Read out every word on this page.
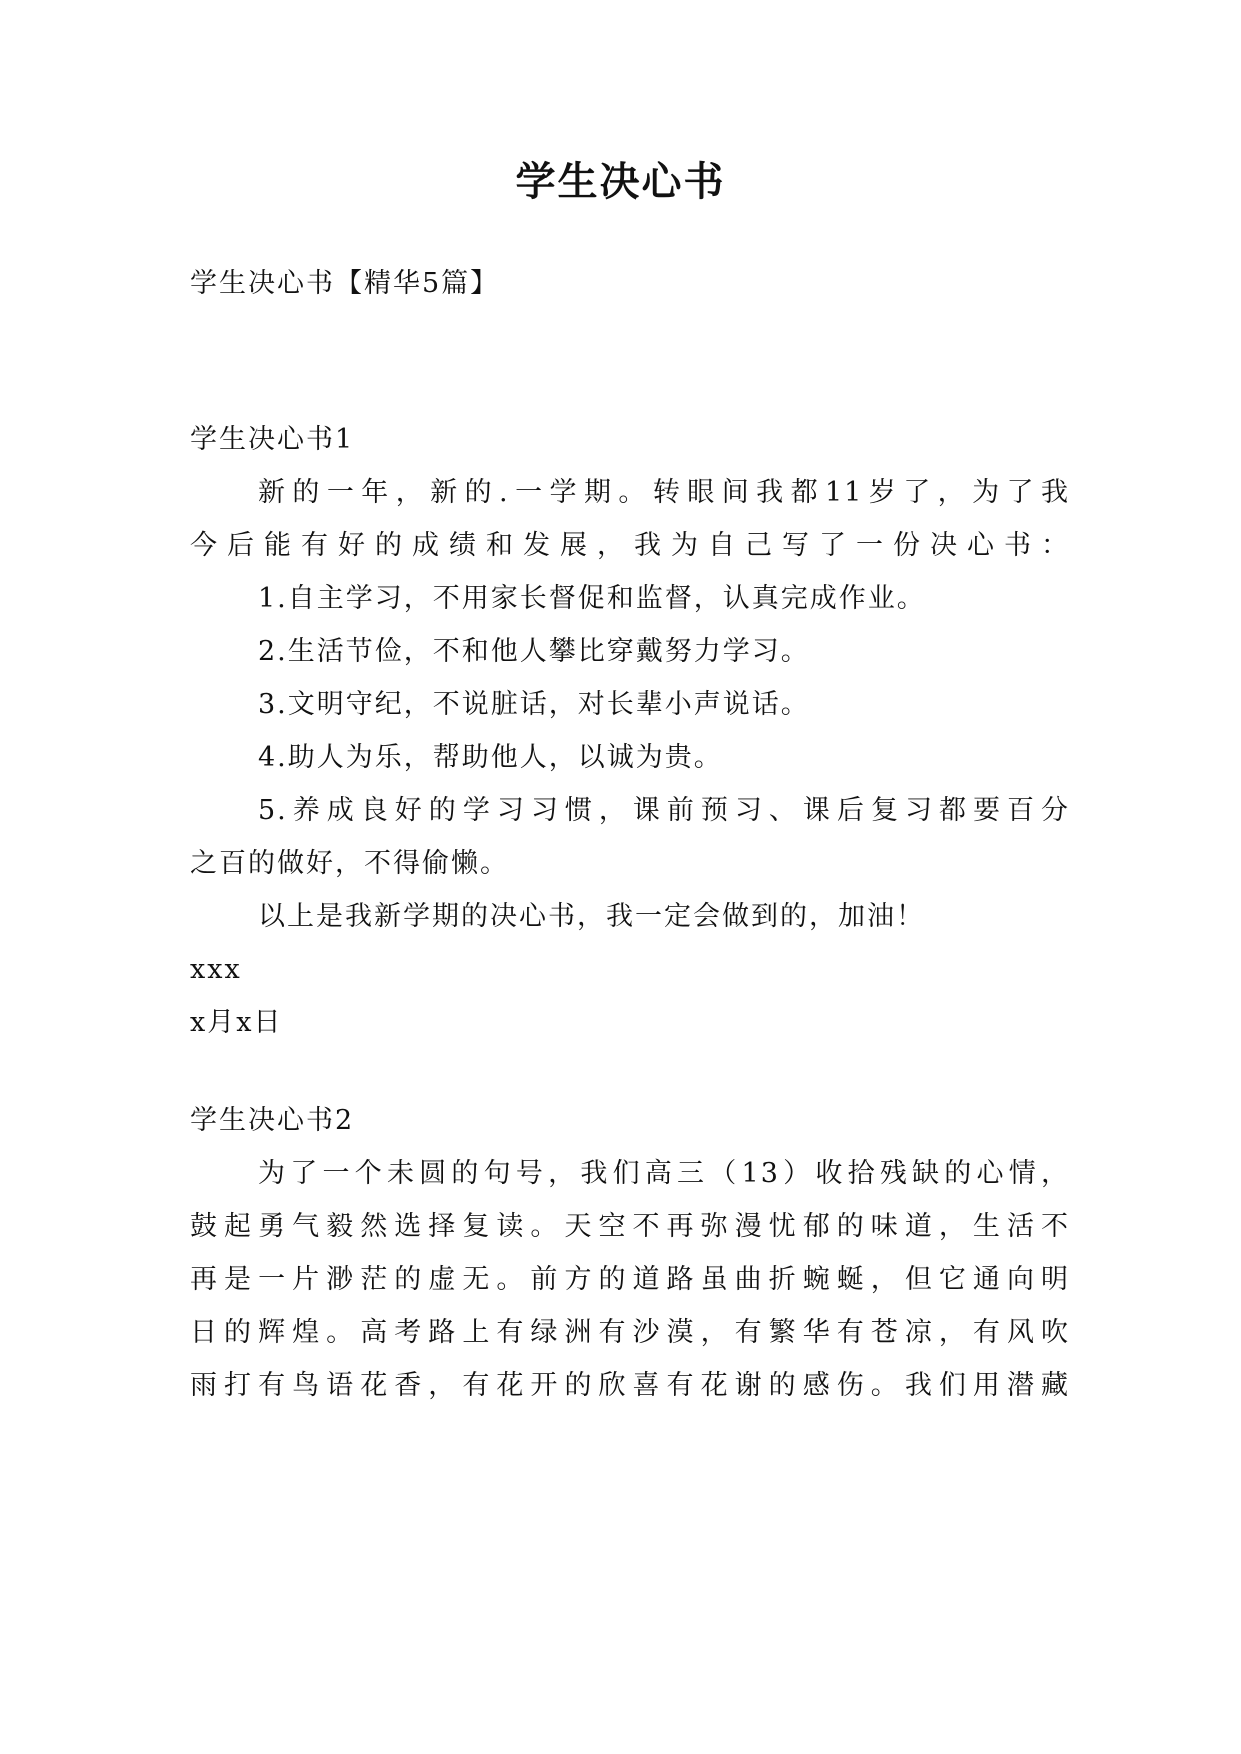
学生决心书
学生决心书【精华5篇】
学生决心书1
新的一年，新的.一学期。转眼间我都11岁了，为了我
今后能有好的成绩和发展，我为自己写了一份决心书：
1.自主学习，不用家长督促和监督，认真完成作业。
2.生活节俭，不和他人攀比穿戴努力学习。
3.文明守纪，不说脏话，对长辈小声说话。
4.助人为乐，帮助他人，以诚为贵。
5.养成良好的学习习惯，课前预习、课后复习都要百分
之百的做好，不得偷懒。
以上是我新学期的决心书，我一定会做到的，加油！
xxx
x月x日
学生决心书2
为了一个未圆的句号，我们高三（13）收拾残缺的心情，
鼓起勇气毅然选择复读。天空不再弥漫忧郁的味道，生活不
再是一片渺茫的虚无。前方的道路虽曲折蜿蜒，但它通向明
日的辉煌。高考路上有绿洲有沙漠，有繁华有苍凉，有风吹
雨打有鸟语花香，有花开的欣喜有花谢的感伤。我们用潜藏
